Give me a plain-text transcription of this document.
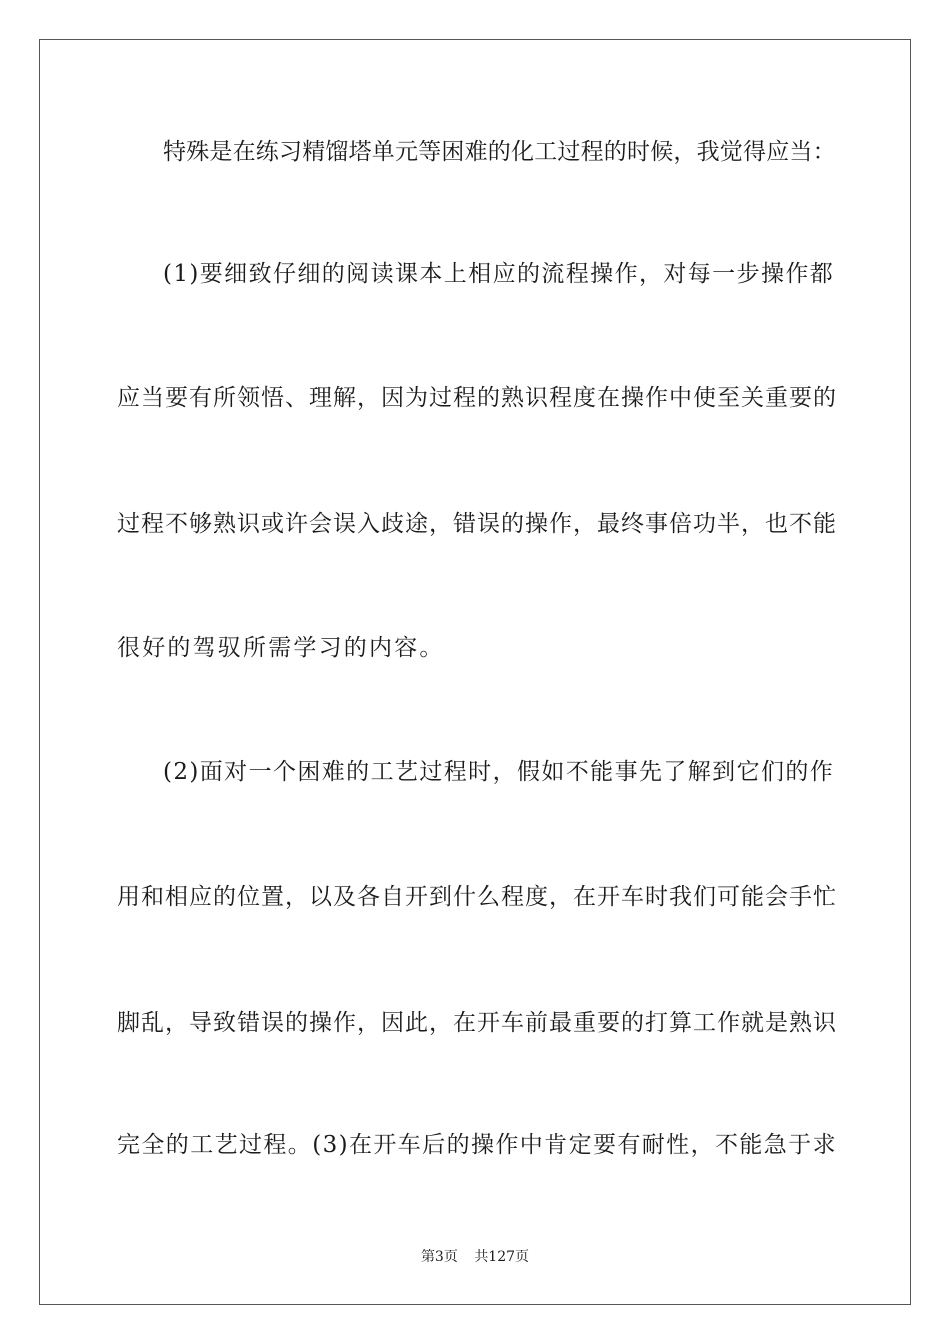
特殊是在练习精馏塔单元等困难的化工过程的时候，我觉得应当：
(1)要细致仔细的阅读课本上相应的流程操作，对每一步操作都
应当要有所领悟、理解，因为过程的熟识程度在操作中使至关重要的
过程不够熟识或许会误入歧途，错误的操作，最终事倍功半，也不能
很好的驾驭所需学习的内容。
(2)面对一个困难的工艺过程时，假如不能事先了解到它们的作
用和相应的位置，以及各自开到什么程度，在开车时我们可能会手忙
脚乱，导致错误的操作，因此，在开车前最重要的打算工作就是熟识
完全的工艺过程。(3)在开车后的操作中肯定要有耐性，不能急于求
第3页 共127页
